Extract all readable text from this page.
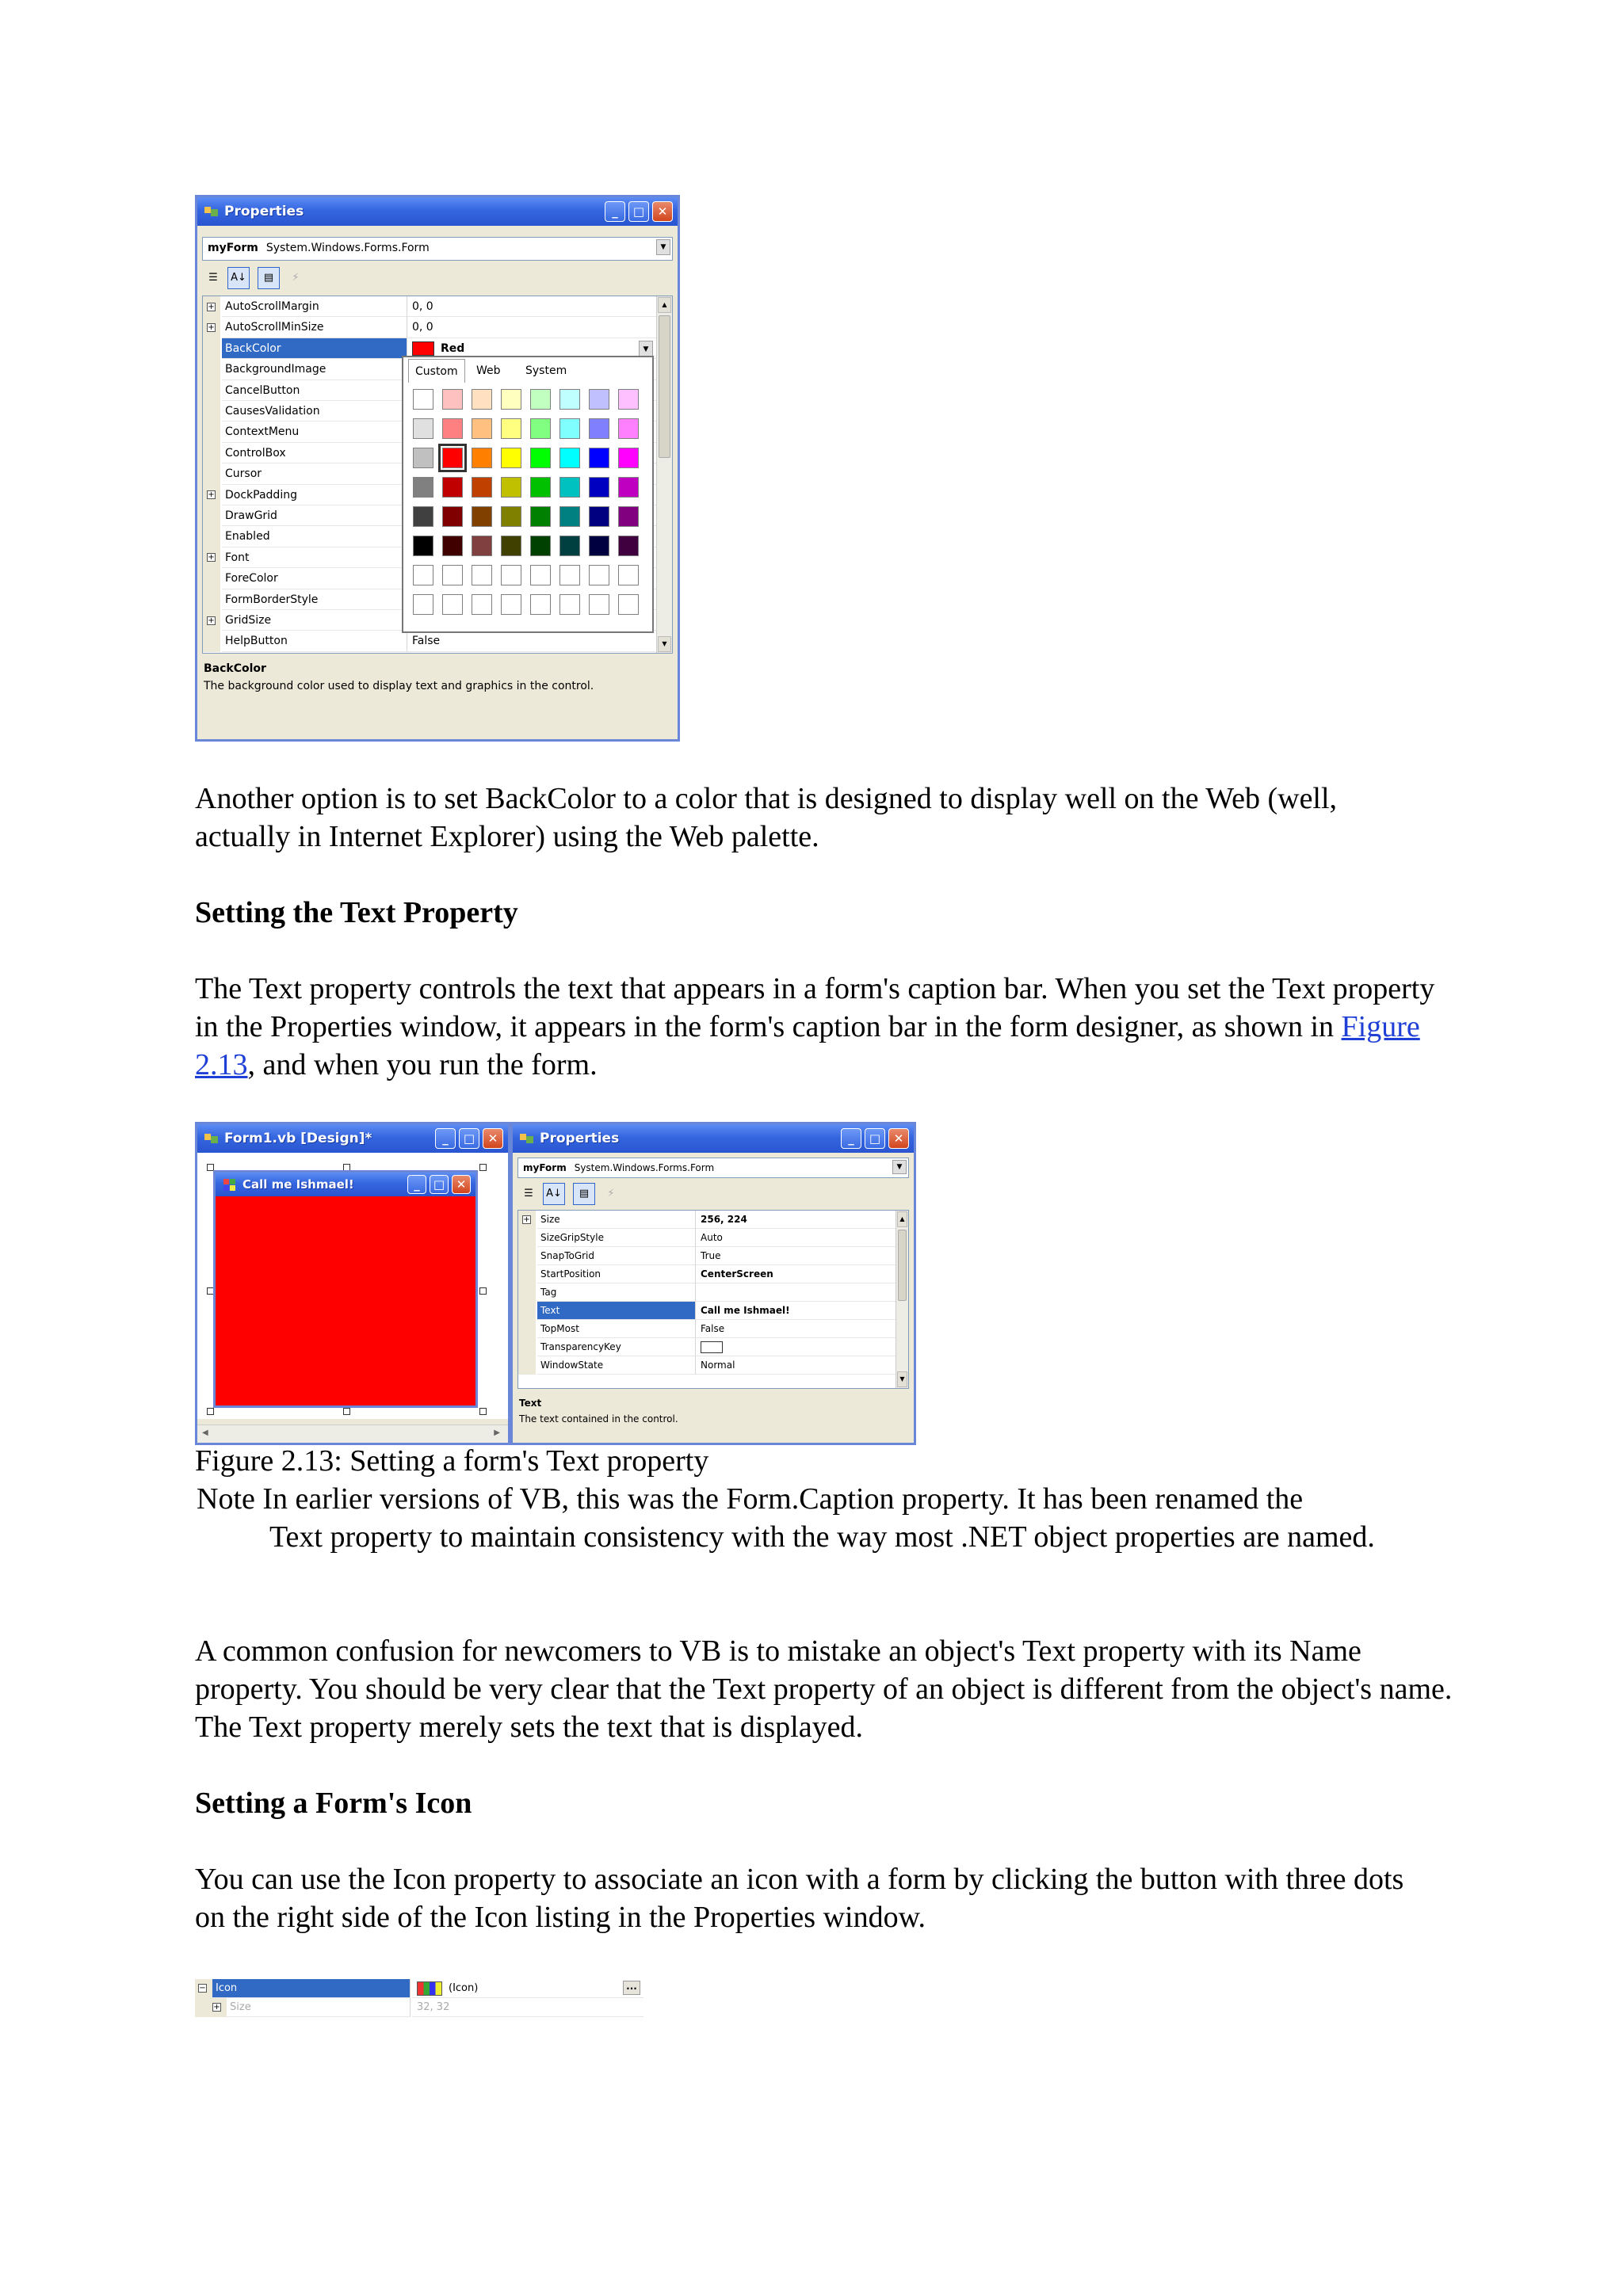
Properties	_	□	✕
myForm System.Windows.Forms.Form	▼
☰	A↓	▤	⚡
+ AutoScrollMargin	0, 0
+ AutoScrollMinSize	0, 0
BackColor	Red	▼
BackgroundImage
CancelButton
CausesValidation
ContextMenu
ControlBox
Cursor
+ DockPadding
DrawGrid
Enabled
+ Font
ForeColor
FormBorderStyle
+ GridSize
HelpButton	False
▲
▼
Custom	Web	System
BackColor
The background color used to display text and graphics in the control.

Another option is to set BackColor to a color that is designed to display well on the Web (well, actually in Internet Explorer) using the Web palette.

Setting the Text Property

The Text property controls the text that appears in a form's caption bar. When you set the Text property in the Properties window, it appears in the form's caption bar in the form designer, as shown in Figure 2.13, and when you run the form.

Form1.vb [Design]*	_	□	✕
Call me Ishmael!	_	□ ✕
◀	▶
Properties	_	□	✕
myForm System.Windows.Forms.Form	▼
☰	A↓	▤	⚡
+	Size	256, 224
SizeGripStyle	Auto
SnapToGrid	True
StartPosition	CenterScreen
Tag
Text	Call me Ishmael!
TopMost	False
TransparencyKey
WindowState	Normal
▲
▼
Text
The text contained in the control.

Figure 2.13: Setting a form's Text property

Note In earlier versions of VB, this was the Form.Caption property. It has been renamed the
Text property to maintain consistency with the way most .NET object properties are named.

A common confusion for newcomers to VB is to mistake an object's Text property with its Name property. You should be very clear that the Text property of an object is different from the object's name. The Text property merely sets the text that is displayed.

Setting a Form's Icon

You can use the Icon property to associate an icon with a form by clicking the button with three dots on the right side of the Icon listing in the Properties window.

− Icon	(Icon)	...
+ Size	32, 32
